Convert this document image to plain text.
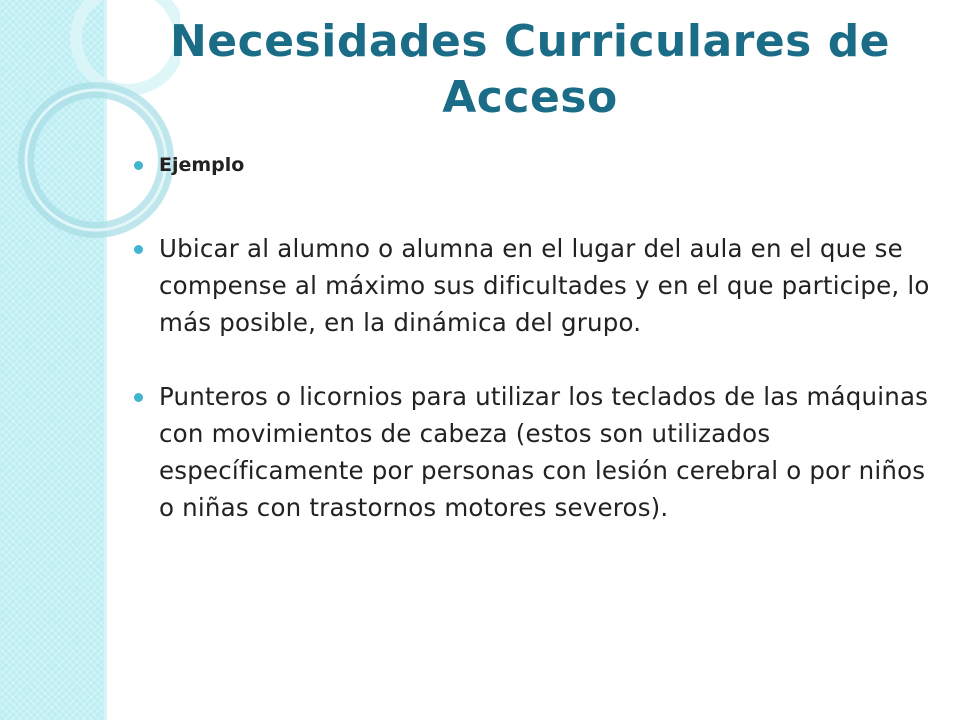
Necesidades Curriculares de Acceso
Ejemplo
Ubicar al alumno o alumna en el lugar del aula en el que se compense al máximo sus dificultades y en el que participe, lo más posible, en la dinámica del grupo.
Punteros o licornios para utilizar los teclados de las máquinas con movimientos de cabeza (estos son utilizados específicamente por personas con lesión cerebral o por niños o niñas con trastornos motores severos).
